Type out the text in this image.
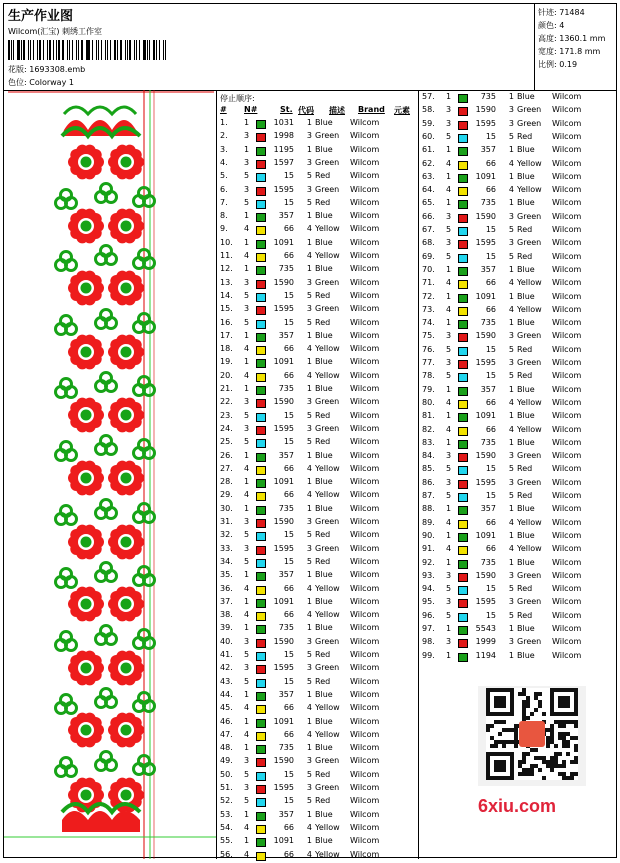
生产作业图
Wilcom(汇宝) 刺绣工作室
花版: 1693308.emb
色位: Colorway 1
针迹: 71484
颜色: 4
高度: 1360.1 mm
宽度: 171.8 mm
比例: 0.19
停止顺序:
# N#	St. 代码 描述 Brand 元素
1. 1	1031	1 Blue Wilcom
2. 3	1998	3 Green Wilcom
3. 1	1195	1 Blue Wilcom
4. 3	1597	3 Green Wilcom
5. 5	15	5 Red Wilcom
6. 3	1595	3 Green Wilcom
7. 5	15	5 Red Wilcom
8. 1	357	1 Blue Wilcom
9. 4	66	4 Yellow Wilcom
10. 1	1091	1 Blue Wilcom
11. 4	66	4 Yellow Wilcom
12. 1	735	1 Blue Wilcom
13. 3	1590	3 Green Wilcom
14. 5	15	5 Red Wilcom
15. 3	1595	3 Green Wilcom
16. 5	15	5 Red Wilcom
17. 1	357	1 Blue Wilcom
18. 4	66	4 Yellow Wilcom
19. 1	1091	1 Blue Wilcom
20. 4	66	4 Yellow Wilcom
21. 1	735	1 Blue Wilcom
22. 3	1590	3 Green Wilcom
23. 5	15	5 Red Wilcom
24. 3	1595	3 Green Wilcom
25. 5	15	5 Red Wilcom
26. 1	357	1 Blue Wilcom
27. 4	66	4 Yellow Wilcom
28. 1	1091	1 Blue Wilcom
29. 4	66	4 Yellow Wilcom
30. 1	735	1 Blue Wilcom
31. 3	1590	3 Green Wilcom
32. 5	15	5 Red Wilcom
33. 3	1595	3 Green Wilcom
34. 5	15	5 Red Wilcom
35. 1	357	1 Blue Wilcom
36. 4	66	4 Yellow Wilcom
37. 1	1091	1 Blue Wilcom
38. 4	66	4 Yellow Wilcom
39. 1	735	1 Blue Wilcom
40. 3	1590	3 Green Wilcom
41. 5	15	5 Red Wilcom
42. 3	1595	3 Green Wilcom
43. 5	15	5 Red Wilcom
44. 1	357	1 Blue Wilcom
45. 4	66	4 Yellow Wilcom
46. 1	1091	1 Blue Wilcom
47. 4	66	4 Yellow Wilcom
48. 1	735	1 Blue Wilcom
49. 3	1590	3 Green Wilcom
50. 5	15	5 Red Wilcom
51. 3	1595	3 Green Wilcom
52. 5	15	5 Red Wilcom
53. 1	357	1 Blue Wilcom
54. 4	66	4 Yellow Wilcom
55. 1	1091	1 Blue Wilcom
56. 4	66	4 Yellow Wilcom
57. 1	735	1 Blue Wilcom
58. 3	1590	3 Green Wilcom
59. 3	1595	3 Green Wilcom
60. 5	15	5 Red Wilcom
61. 1	357	1 Blue Wilcom
62. 4	66	4 Yellow Wilcom
63. 1	1091	1 Blue Wilcom
64. 4	66	4 Yellow Wilcom
65. 1	735	1 Blue Wilcom
66. 3	1590	3 Green Wilcom
67. 5	15	5 Red Wilcom
68. 3	1595	3 Green Wilcom
69. 5	15	5 Red Wilcom
70. 1	357	1 Blue Wilcom
71. 4	66	4 Yellow Wilcom
72. 1	1091	1 Blue Wilcom
73. 4	66	4 Yellow Wilcom
74. 1	735	1 Blue Wilcom
75. 3	1590	3 Green Wilcom
76. 5	15	5 Red Wilcom
77. 3	1595	3 Green Wilcom
78. 5	15	5 Red Wilcom
79. 1	357	1 Blue Wilcom
80. 4	66	4 Yellow Wilcom
81. 1	1091	1 Blue Wilcom
82. 4	66	4 Yellow Wilcom
83. 1	735	1 Blue Wilcom
84. 3	1590	3 Green Wilcom
85. 5	15	5 Red Wilcom
86. 3	1595	3 Green Wilcom
87. 5	15	5 Red Wilcom
88. 1	357	1 Blue Wilcom
89. 4	66	4 Yellow Wilcom
90. 1	1091	1 Blue Wilcom
91. 4	66	4 Yellow Wilcom
92. 1	735	1 Blue Wilcom
93. 3	1590	3 Green Wilcom
94. 5	15	5 Red Wilcom
95. 3	1595	3 Green Wilcom
96. 5	15	5 Red Wilcom
97. 1	5543	1 Blue Wilcom
98. 3	1999	3 Green Wilcom
99. 1	1194	1 Blue Wilcom
6xiu.com
